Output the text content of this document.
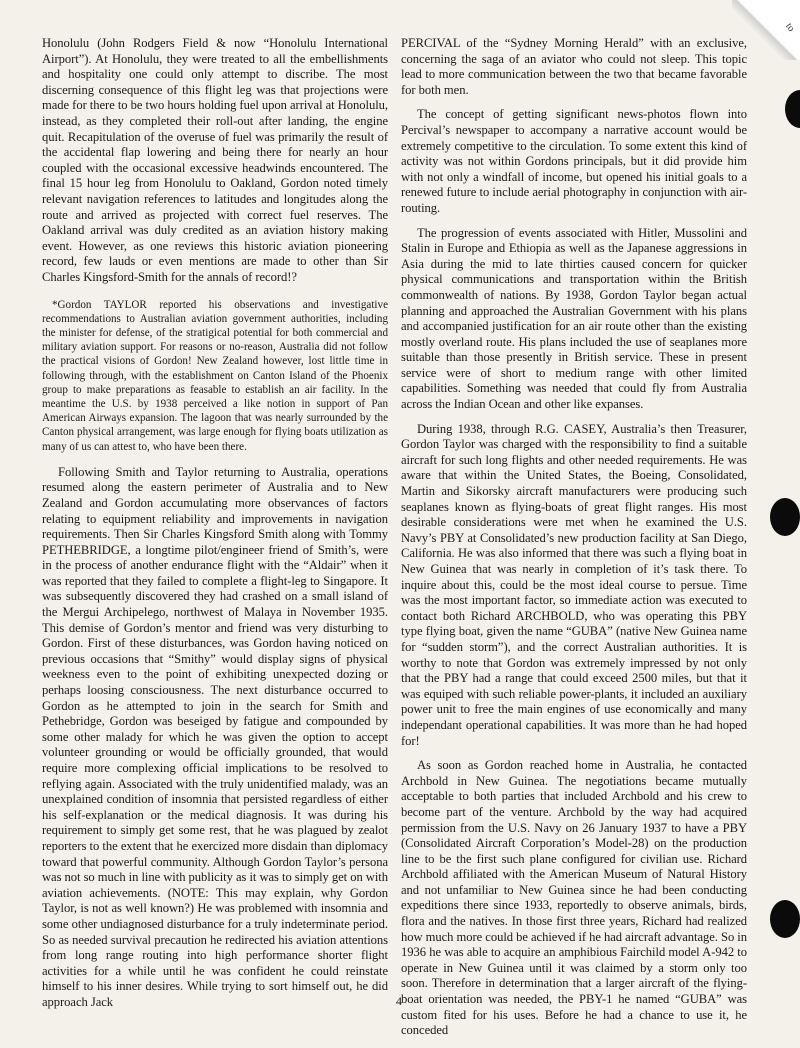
to

Honolulu (John Rodgers Field & now “Honolulu International Airport”). At Honolulu, they were treated to all the embellishments and hospitality one could only attempt to discribe. The most discerning consequence of this flight leg was that projections were made for there to be two hours holding fuel upon arrival at Honolulu, instead, as they completed their roll-out after landing, the engine quit. Recapitulation of the overuse of fuel was primarily the result of the accidental flap lowering and being there for nearly an hour coupled with the occasional excessive headwinds encountered. The final 15 hour leg from Honolulu to Oakland, Gordon noted timely relevant navigation references to latitudes and longitudes along the route and arrived as projected with correct fuel reserves. The Oakland arrival was duly credited as an aviation history making event. However, as one reviews this historic aviation pioneering record, few lauds or even mentions are made to other than Sir Charles Kingsford-Smith for the annals of record!?

*Gordon TAYLOR reported his observations and investigative recommendations to Australian aviation government authorities, including the minister for defense, of the stratigical potential for both commercial and military aviation support. For reasons or no-reason, Australia did not follow the practical visions of Gordon! New Zealand however, lost little time in following through, with the establishment on Canton Island of the Phoenix group to make preparations as feasable to establish an air facility. In the meantime the U.S. by 1938 perceived a like notion in support of Pan American Airways expansion. The lagoon that was nearly surrounded by the Canton physical arrangement, was large enough for flying boats utilization as many of us can attest to, who have been there.

Following Smith and Taylor returning to Australia, operations resumed along the eastern perimeter of Australia and to New Zealand and Gordon accumulating more observances of factors relating to equipment reliability and improvements in navigation requirements. Then Sir Charles Kingsford Smith along with Tommy PETHEBRIDGE, a longtime pilot/engineer friend of Smith’s, were in the process of another endurance flight with the “Aldair” when it was reported that they failed to complete a flight-leg to Singapore. It was subsequently discovered they had crashed on a small island of the Mergui Archipelego, northwest of Malaya in November 1935. This demise of Gordon’s mentor and friend was very disturbing to Gordon. First of these disturbances, was Gordon having noticed on previous occasions that “Smithy” would display signs of physical weekness even to the point of exhibiting unexpected dozing or perhaps loosing consciousness. The next disturbance occurred to Gordon as he attempted to join in the search for Smith and Pethebridge, Gordon was beseiged by fatigue and compounded by some other malady for which he was given the option to accept volunteer grounding or would be officially grounded, that would require more complexing official implications to be resolved to reflying again. Associated with the truly unidentified malady, was an unexplained condition of insomnia that persisted regardless of either his self-explanation or the medical diagnosis. It was during his requirement to simply get some rest, that he was plagued by zealot reporters to the extent that he exercized more disdain than diplomacy toward that powerful community. Although Gordon Taylor’s persona was not so much in line with publicity as it was to simply get on with aviation achievements. (NOTE: This may explain, why Gordon Taylor, is not as well known?) He was problemed with insomnia and some other undiagnosed disturbance for a truly indeterminate period. So as needed survival precaution he redirected his aviation attentions from long range routing into high performance shorter flight activities for a while until he was confident he could reinstate himself to his inner desires. While trying to sort himself out, he did approach Jack

PERCIVAL of the “Sydney Morning Herald” with an exclusive, concerning the saga of an aviator who could not sleep. This topic lead to more communication between the two that became favorable for both men.

The concept of getting significant news-photos flown into Percival’s newspaper to accompany a narrative account would be extremely competitive to the circulation. To some extent this kind of activity was not within Gordons principals, but it did provide him with not only a windfall of income, but opened his initial goals to a renewed future to include aerial photography in conjunction with air-routing.

The progression of events associated with Hitler, Mussolini and Stalin in Europe and Ethiopia as well as the Japanese aggressions in Asia during the mid to late thirties caused concern for quicker physical communications and transportation within the British commonwealth of nations. By 1938, Gordon Taylor began actual planning and approached the Australian Government with his plans and accompanied justification for an air route other than the existing mostly overland route. His plans included the use of seaplanes more suitable than those presently in British service. These in present service were of short to medium range with other limited capabilities. Something was needed that could fly from Australia across the Indian Ocean and other like expanses.

During 1938, through R.G. CASEY, Australia’s then Treasurer, Gordon Taylor was charged with the responsibility to find a suitable aircraft for such long flights and other needed requirements. He was aware that within the United States, the Boeing, Consolidated, Martin and Sikorsky aircraft manufacturers were producing such seaplanes known as flying-boats of great flight ranges. His most desirable considerations were met when he examined the U.S. Navy’s PBY at Consolidated’s new production facility at San Diego, California. He was also informed that there was such a flying boat in New Guinea that was nearly in completion of it’s task there. To inquire about this, could be the most ideal course to persue. Time was the most important factor, so immediate action was executed to contact both Richard ARCHBOLD, who was operating this PBY type flying boat, given the name “GUBA” (native New Guinea name for “sudden storm”), and the correct Australian authorities. It is worthy to note that Gordon was extremely impressed by not only that the PBY had a range that could exceed 2500 miles, but that it was equiped with such reliable power-plants, it included an auxiliary power unit to free the main engines of use economically and many independant operational capabilities. It was more than he had hoped for!

As soon as Gordon reached home in Australia, he contacted Archbold in New Guinea. The negotiations became mutually acceptable to both parties that included Archbold and his crew to become part of the venture. Archbold by the way had acquired permission from the U.S. Navy on 26 January 1937 to have a PBY (Consolidated Aircraft Corporation’s Model-28) on the production line to be the first such plane configured for civilian use. Richard Archbold affiliated with the American Museum of Natural History and not unfamiliar to New Guinea since he had been conducting expeditions there since 1933, reportedly to observe animals, birds, flora and the natives. In those first three years, Richard had realized how much more could be achieved if he had aircraft advantage. So in 1936 he was able to acquire an amphibious Fairchild model A-942 to operate in New Guinea until it was claimed by a storm only too soon. Therefore in determination that a larger aircraft of the flying-boat orientation was needed, the PBY-1 he named “GUBA” was custom fited for his uses. Before he had a chance to use it, he conceded

4
